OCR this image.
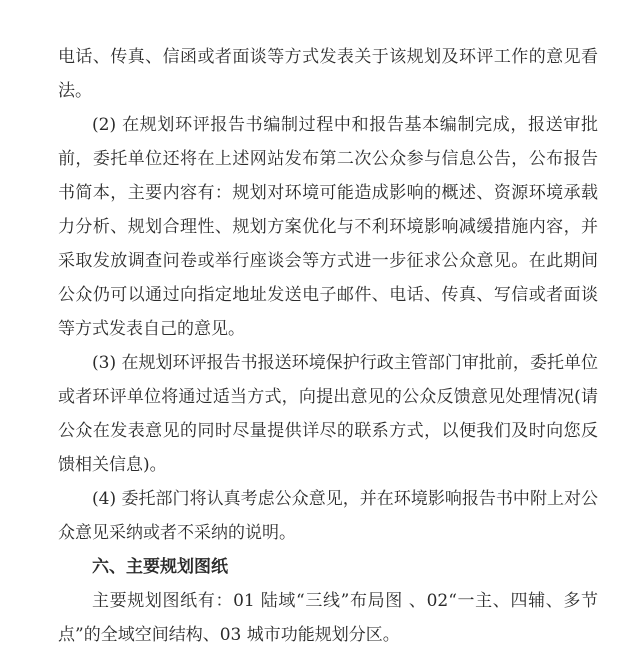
电话、传真、信函或者面谈等方式发表关于该规划及环评工作的意见看法。

(2) 在规划环评报告书编制过程中和报告基本编制完成，报送审批前，委托单位还将在上述网站发布第二次公众参与信息公告，公布报告书简本，主要内容有：规划对环境可能造成影响的概述、资源环境承载力分析、规划合理性、规划方案优化与不利环境影响减缓措施内容，并采取发放调查问卷或举行座谈会等方式进一步征求公众意见。在此期间公众仍可以通过向指定地址发送电子邮件、电话、传真、写信或者面谈等方式发表自己的意见。

(3) 在规划环评报告书报送环境保护行政主管部门审批前，委托单位或者环评单位将通过适当方式，向提出意见的公众反馈意见处理情况(请公众在发表意见的同时尽量提供详尽的联系方式，以便我们及时向您反馈相关信息)。

(4) 委托部门将认真考虑公众意见，并在环境影响报告书中附上对公众意见采纳或者不采纳的说明。

六、主要规划图纸

主要规划图纸有：01 陆域“三线”布局图 、02“一主、四辅、多节点”的全域空间结构、03 城市功能规划分区。
